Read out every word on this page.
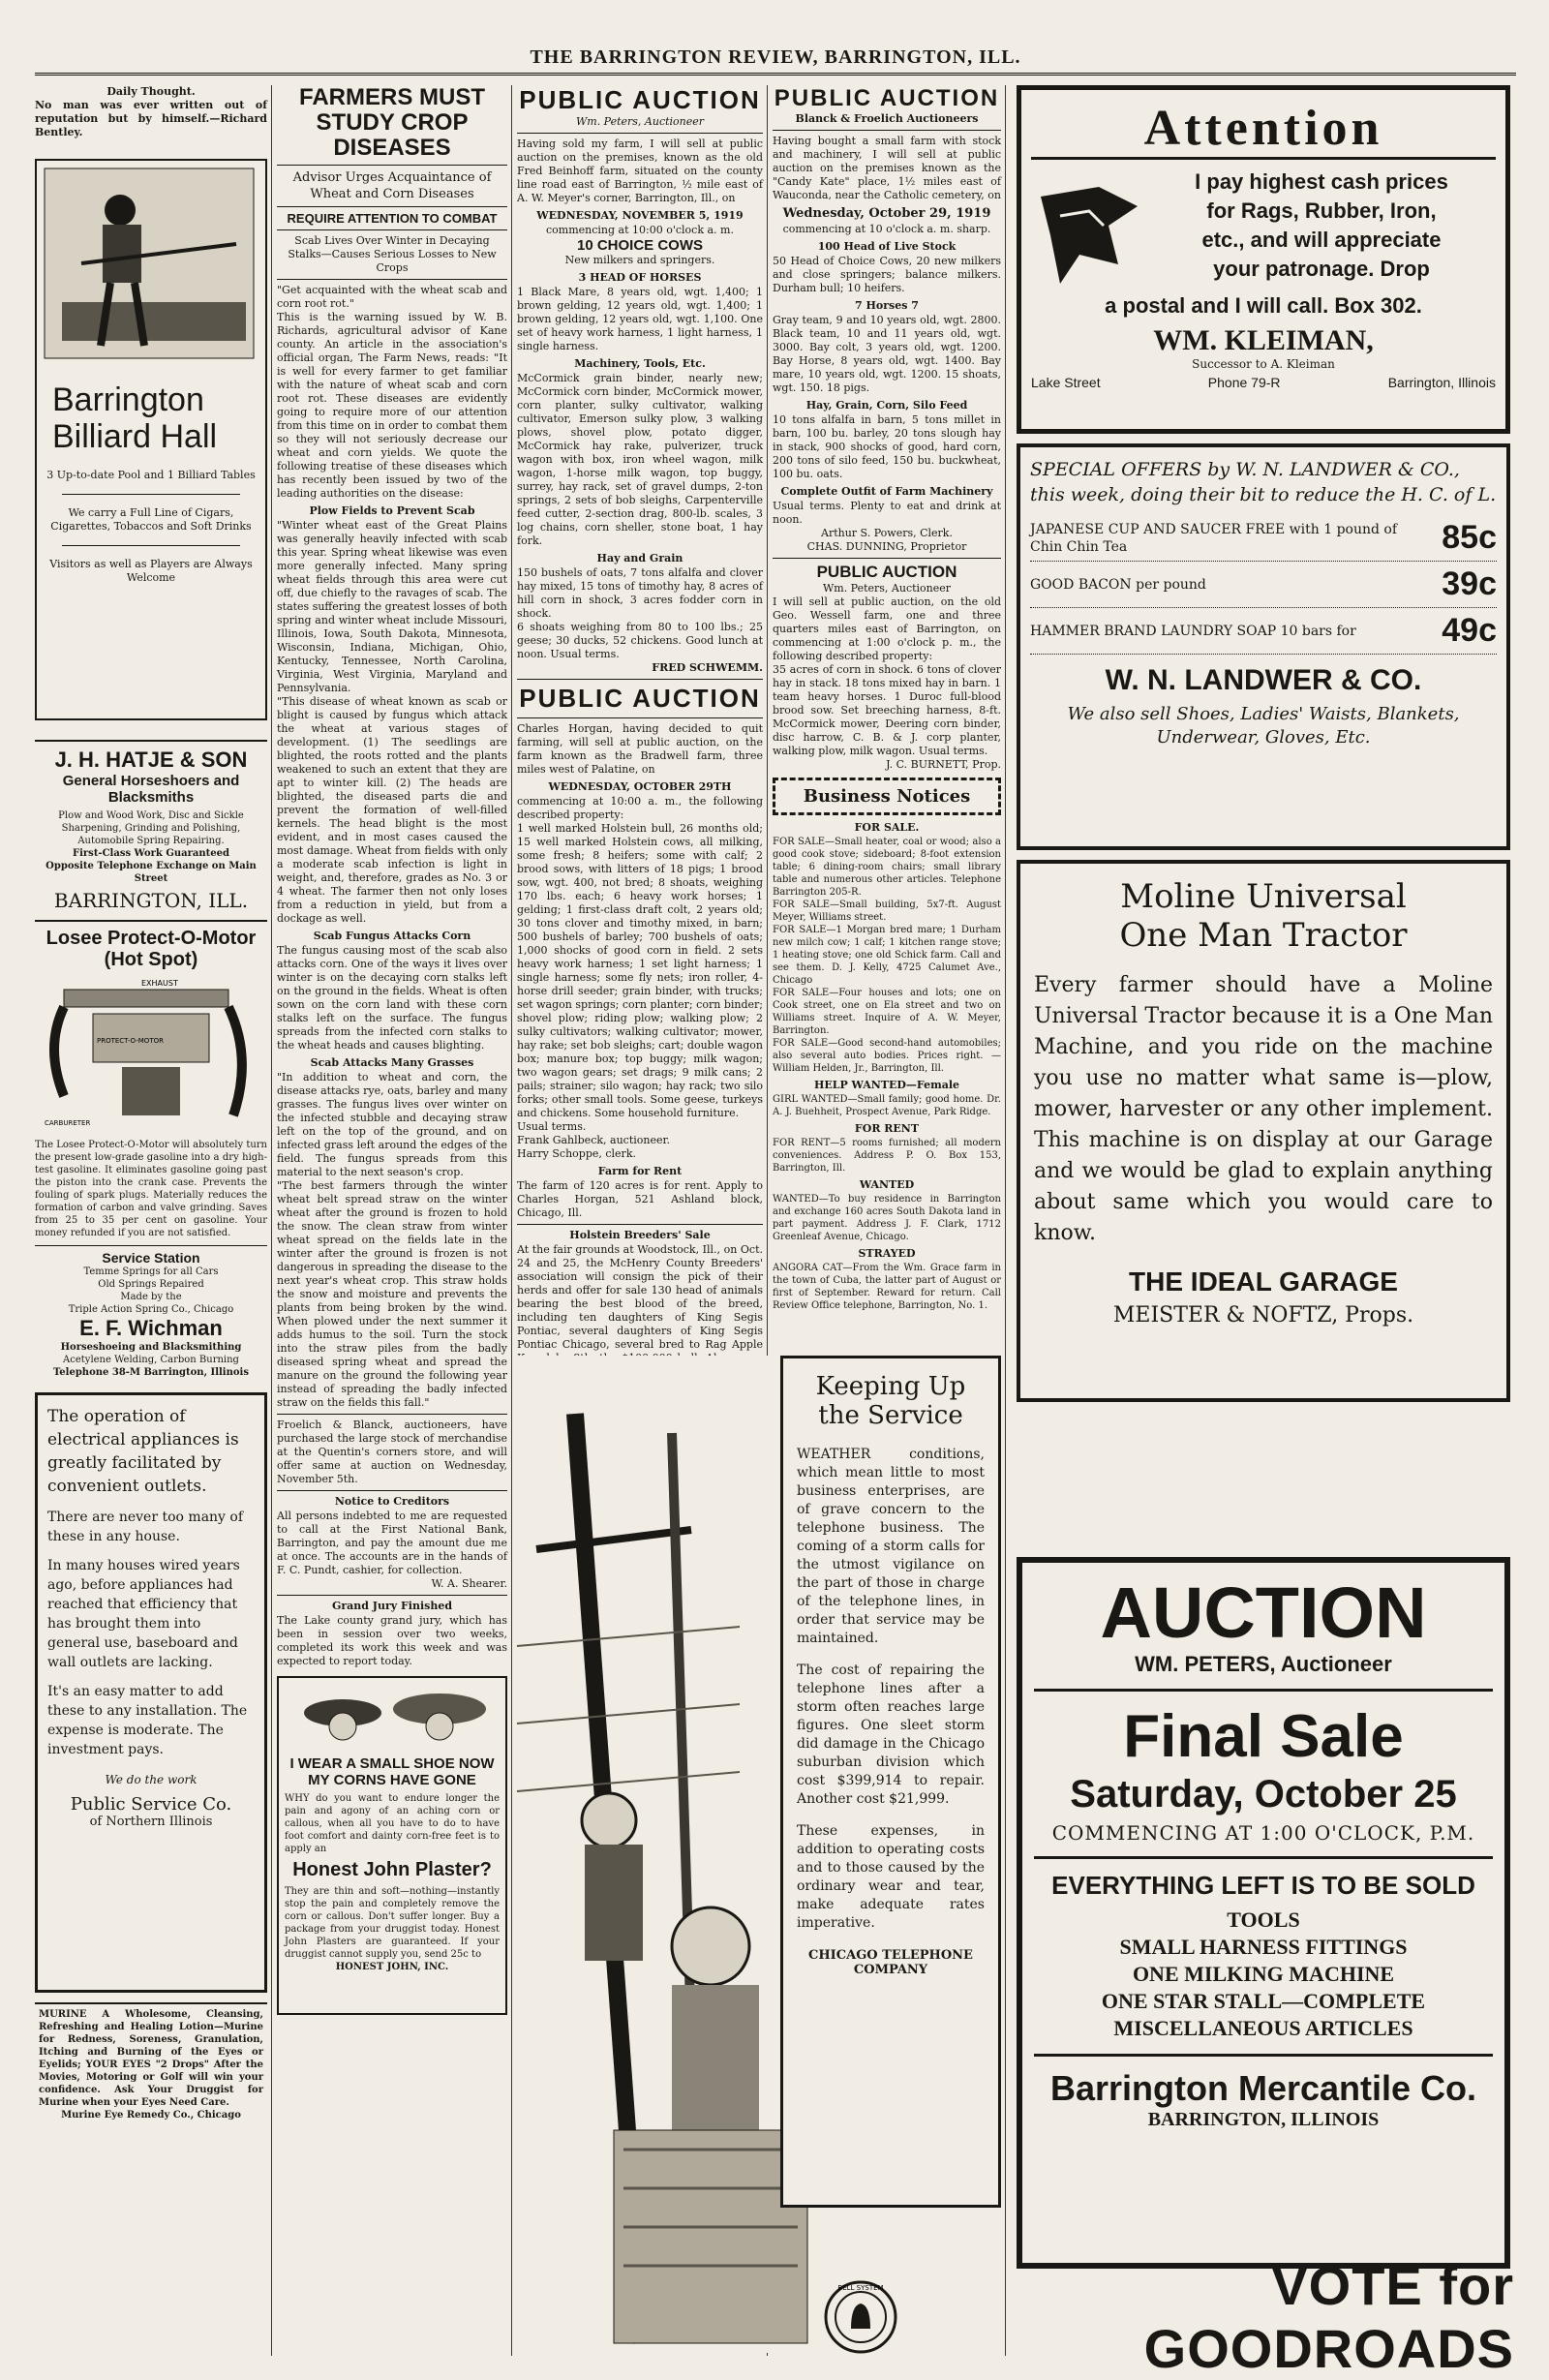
THE BARRINGTON REVIEW, BARRINGTON, ILL.
Daily Thought.
No man was ever written out of reputation but by himself.—Richard Bentley.
Barrington Billiard Hall
3 Up-to-date Pool and 1 Billiard Tables
We carry a Full Line of Cigars, Cigarettes, Tobaccos and Soft Drinks
Visitors as well as Players are Always Welcome
J. H. HATJE & SON
General Horseshoers and Blacksmiths
Plow and Wood Work, Disc and Sickle Sharpening, Grinding and Polishing, Automobile Spring Repairing.
First-Class Work Guaranteed
Opposite Telephone Exchange on Main Street
BARRINGTON, ILL.
Losee Protect-O-Motor (Hot Spot)
EXHAUST
PROTECT-O-MOTOR
CARBURETER
The Losee Protect-O-Motor will absolutely turn the present low-grade gasoline into a dry high-test gasoline. It eliminates gasoline going past the piston into the crank case. Prevents the fouling of spark plugs. Materially reduces the formation of carbon and valve grinding. Saves from 25 to 35 per cent on gasoline. Your money refunded if you are not satisfied.
Service Station
Temme Springs for all Cars
Old Springs Repaired
Made by the
Triple Action Spring Co., Chicago
E. F. Wichman
Horseshoeing and Blacksmithing
Acetylene Welding, Carbon Burning
Telephone 38-M Barrington, Illinois
The operation of electrical appliances is greatly facilitated by convenient outlets.
There are never too many of these in any house.
In many houses wired years ago, before appliances had reached that efficiency that has brought them into general use, baseboard and wall outlets are lacking.
It's an easy matter to add these to any installation. The expense is moderate. The investment pays.
We do the work
Public Service Co.
of Northern Illinois
MURINE A Wholesome, Cleansing, Refreshing and Healing Lotion—Murine for Redness, Soreness, Granulation, Itching and Burning of the Eyes or Eyelids; YOUR EYES "2 Drops" After the Movies, Motoring or Golf will win your confidence. Ask Your Druggist for Murine when your Eyes Need Care.
Murine Eye Remedy Co., Chicago
FARMERS MUST STUDY CROP DISEASES
Advisor Urges Acquaintance of Wheat and Corn Diseases
REQUIRE ATTENTION TO COMBAT
Scab Lives Over Winter in Decaying Stalks—Causes Serious Losses to New Crops
"Get acquainted with the wheat scab and corn root rot."
This is the warning issued by W. B. Richards, agricultural advisor of Kane county. An article in the association's official organ, The Farm News, reads: "It is well for every farmer to get familiar with the nature of wheat scab and corn root rot. These diseases are evidently going to require more of our attention from this time on in order to combat them so they will not seriously decrease our wheat and corn yields. We quote the following treatise of these diseases which has recently been issued by two of the leading authorities on the disease:
Plow Fields to Prevent Scab
"Winter wheat east of the Great Plains was generally heavily infected with scab this year. Spring wheat likewise was even more generally infected. Many spring wheat fields through this area were cut off, due chiefly to the ravages of scab. The states suffering the greatest losses of both spring and winter wheat include Missouri, Illinois, Iowa, South Dakota, Minnesota, Wisconsin, Indiana, Michigan, Ohio, Kentucky, Tennessee, North Carolina, Virginia, West Virginia, Maryland and Pennsylvania.
"This disease of wheat known as scab or blight is caused by fungus which attack the wheat at various stages of development. (1) The seedlings are blighted, the roots rotted and the plants weakened to such an extent that they are apt to winter kill. (2) The heads are blighted, the diseased parts die and prevent the formation of well-filled kernels. The head blight is the most evident, and in most cases caused the most damage. Wheat from fields with only a moderate scab infection is light in weight, and, therefore, grades as No. 3 or 4 wheat. The farmer then not only loses from a reduction in yield, but from a dockage as well.
Scab Fungus Attacks Corn
The fungus causing most of the scab also attacks corn. One of the ways it lives over winter is on the decaying corn stalks left on the ground in the fields. Wheat is often sown on the corn land with these corn stalks left on the surface. The fungus spreads from the infected corn stalks to the wheat heads and causes blighting.
Scab Attacks Many Grasses
"In addition to wheat and corn, the disease attacks rye, oats, barley and many grasses. The fungus lives over winter on the infected stubble and decaying straw left on the top of the ground, and on infected grass left around the edges of the field. The fungus spreads from this material to the next season's crop.
"The best farmers through the winter wheat belt spread straw on the winter wheat after the ground is frozen to hold the snow. The clean straw from winter wheat spread on the fields late in the winter after the ground is frozen is not dangerous in spreading the disease to the next year's wheat crop. This straw holds the snow and moisture and prevents the plants from being broken by the wind. When plowed under the next summer it adds humus to the soil. Turn the stock into the straw piles from the badly diseased spring wheat and spread the manure on the ground the following year instead of spreading the badly infected straw on the fields this fall."
Froelich & Blanck, auctioneers, have purchased the large stock of merchandise at the Quentin's corners store, and will offer same at auction on Wednesday, November 5th.
Notice to Creditors
All persons indebted to me are requested to call at the First National Bank, Barrington, and pay the amount due me at once. The accounts are in the hands of F. C. Pundt, cashier, for collection.
W. A. Shearer.
Grand Jury Finished
The Lake county grand jury, which has been in session over two weeks, completed its work this week and was expected to report today.
I WEAR A SMALL SHOE NOW MY CORNS HAVE GONE
WHY do you want to endure longer the pain and agony of an aching corn or callous, when all you have to do to have foot comfort and dainty corn-free feet is to apply an
Honest John Plaster?
They are thin and soft—nothing—instantly stop the pain and completely remove the corn or callous. Don't suffer longer. Buy a package from your druggist today. Honest John Plasters are guaranteed. If your druggist cannot supply you, send 25c to
HONEST JOHN, INC.
PUBLIC AUCTION
Wm. Peters, Auctioneer
Having sold my farm, I will sell at public auction on the premises, known as the old Fred Beinhoff farm, situated on the county line road east of Barrington, ½ mile east of A. W. Meyer's corner, Barrington, Ill., on
WEDNESDAY, NOVEMBER 5, 1919
commencing at 10:00 o'clock a. m.
10 CHOICE COWS
New milkers and springers.
3 HEAD OF HORSES
1 Black Mare, 8 years old, wgt. 1,400; 1 brown gelding, 12 years old, wgt. 1,400; 1 brown gelding, 12 years old, wgt. 1,100. One set of heavy work harness, 1 light harness, 1 single harness.
Machinery, Tools, Etc.
McCormick grain binder, nearly new; McCormick corn binder, McCormick mower, corn planter, sulky cultivator, walking cultivator, Emerson sulky plow, 3 walking plows, shovel plow, potato digger, McCormick hay rake, pulverizer, truck wagon with box, iron wheel wagon, milk wagon, 1-horse milk wagon, top buggy, surrey, hay rack, set of gravel dumps, 2-ton springs, 2 sets of bob sleighs, Carpenterville feed cutter, 2-section drag, 800-lb. scales, 3 log chains, corn sheller, stone boat, 1 hay fork.
Hay and Grain
150 bushels of oats, 7 tons alfalfa and clover hay mixed, 15 tons of timothy hay, 8 acres of hill corn in shock, 3 acres fodder corn in shock.
6 shoats weighing from 80 to 100 lbs.; 25 geese; 30 ducks, 52 chickens. Good lunch at noon. Usual terms.
FRED SCHWEMM.
PUBLIC AUCTION
Charles Horgan, having decided to quit farming, will sell at public auction, on the farm known as the Bradwell farm, three miles west of Palatine, on
WEDNESDAY, OCTOBER 29TH
commencing at 10:00 a. m., the following described property:
1 well marked Holstein bull, 26 months old; 15 well marked Holstein cows, all milking, some fresh; 8 heifers; some with calf; 2 brood sows, with litters of 18 pigs; 1 brood sow, wgt. 400, not bred; 8 shoats, weighing 170 lbs. each; 6 heavy work horses; 1 gelding; 1 first-class draft colt, 2 years old; 30 tons clover and timothy mixed, in barn; 500 bushels of barley; 700 bushels of oats; 1,000 shocks of good corn in field. 2 sets heavy work harness; 1 set light harness; 1 single harness; some fly nets; iron roller, 4-horse drill seeder; grain binder, with trucks; set wagon springs; corn planter; corn binder; shovel plow; riding plow; walking plow; 2 sulky cultivators; walking cultivator; mower, hay rake; set bob sleighs; cart; double wagon box; manure box; top buggy; milk wagon; two wagon gears; set drags; 9 milk cans; 2 pails; strainer; silo wagon; hay rack; two silo forks; other small tools. Some geese, turkeys and chickens. Some household furniture.
Usual terms.
Frank Gahlbeck, auctioneer.
Harry Schoppe, clerk.
Farm for Rent
The farm of 120 acres is for rent. Apply to Charles Horgan, 521 Ashland block, Chicago, Ill.
Holstein Breeders' Sale
At the fair grounds at Woodstock, Ill., on Oct. 24 and 25, the McHenry County Breeders' association will consign the pick of their herds and offer for sale 130 head of animals bearing the best blood of the breed, including ten daughters of King Segis Pontiac, several daughters of King Segis Pontiac Chicago, several bred to Rag Apple
PUBLIC AUCTION
Blanck & Froelich Auctioneers
Having bought a small farm with stock and machinery, I will sell at public auction on the premises known as the "Candy Kate" place, 1½ miles east of Wauconda, near the Catholic cemetery, on
Wednesday, October 29, 1919
commencing at 10 o'clock a. m. sharp.
100 Head of Live Stock
50 Head of Choice Cows, 20 new milkers and close springers; balance milkers. Durham bull; 10 heifers.
7 Horses 7
Gray team, 9 and 10 years old, wgt. 2800. Black team, 10 and 11 years old, wgt. 3000. Bay colt, 3 years old, wgt. 1200. Bay Horse, 8 years old, wgt. 1400. Bay mare, 10 years old, wgt. 1200. 15 shoats, wgt. 150. 18 pigs.
Hay, Grain, Corn, Silo Feed
10 tons alfalfa in barn, 5 tons millet in barn, 100 bu. barley, 20 tons slough hay in stack, 900 shocks of good, hard corn, 200 tons of silo feed, 150 bu. buckwheat, 100 bu. oats.
Complete Outfit of Farm Machinery
Usual terms. Plenty to eat and drink at noon.
Arthur S. Powers, Clerk.
CHAS. DUNNING, Proprietor
PUBLIC AUCTION
Wm. Peters, Auctioneer
I will sell at public auction, on the old Geo. Wessell farm, one and three quarters miles east of Barrington, on commencing at 1:00 o'clock p. m., the following described property:
35 acres of corn in shock. 6 tons of clover hay in stack. 18 tons mixed hay in barn. 1 team heavy horses. 1 Duroc full-blood brood sow. Set breeching harness, 8-ft. McCormick mower, Deering corn binder, disc harrow, C. B. & J. corp planter, walking plow, milk wagon. Usual terms.
J. C. BURNETT, Prop.
Business Notices
FOR SALE.
FOR SALE—Small heater, coal or wood; also a good cook stove; sideboard; 8-foot extension table; 6 dining-room chairs; small library table and numerous other articles. Telephone Barrington 205-R.
FOR SALE—Small building, 5x7-ft. August Meyer, Williams street.
FOR SALE—1 Morgan bred mare; 1 Durham new milch cow; 1 calf; 1 kitchen range stove; 1 heating stove; one old Schick farm. Call and see them. D. J. Kelly, 4725 Calumet Ave., Chicago
FOR SALE—Four houses and lots; one on Cook street, one on Ela street and two on Williams street. Inquire of A. W. Meyer, Barrington.
FOR SALE—Good second-hand automobiles; also several auto bodies. Prices right. —William Helden, Jr., Barrington, Ill.
HELP WANTED—Female
GIRL WANTED—Small family; good home. Dr. A. J. Buehheit, Prospect Avenue, Park Ridge.
FOR RENT
FOR RENT—5 rooms furnished; all modern conveniences. Address P. O. Box 153, Barrington, Ill.
WANTED
WANTED—To buy residence in Barrington and exchange 160 acres South Dakota land in part payment. Address J. F. Clark, 1712 Greenleaf Avenue, Chicago.
STRAYED
ANGORA CAT—From the Wm. Grace farm in the town of Cuba, the latter part of August or first of September. Reward for return. Call Review Office telephone, Barrington, No. 1.
Keeping Up the Service
WEATHER conditions, which mean little to most business enterprises, are of grave concern to the telephone business. The coming of a storm calls for the utmost vigilance on the part of those in charge of the telephone lines, in order that service may be maintained.
The cost of repairing the telephone lines after a storm often reaches large figures. One sleet storm did damage in the Chicago suburban division which cost $399,914 to repair. Another cost $21,999.
These expenses, in addition to operating costs and to those caused by the ordinary wear and tear, make adequate rates imperative.
CHICAGO TELEPHONE COMPANY
Attention
I pay highest cash prices
for Rags, Rubber, Iron,
etc., and will appreciate
your patronage. Drop
a postal and I will call. Box 302.
WM. KLEIMAN,
Successor to A. Kleiman
Lake Street	Phone 79-R	Barrington, Illinois
SPECIAL OFFERS by W. N. LANDWER & CO., this week, doing their bit to reduce the H. C. of L.
JAPANESE CUP AND SAUCER FREE with 1 pound of Chin Chin Tea	85c
GOOD BACON per pound	39c
HAMMER BRAND LAUNDRY SOAP 10 bars for	49c
W. N. LANDWER & CO.
We also sell Shoes, Ladies' Waists, Blankets, Underwear, Gloves, Etc.
Moline Universal
One Man Tractor
Every farmer should have a Moline Universal Tractor because it is a One Man Machine, and you ride on the machine you use no matter what same is—plow, mower, harvester or any other implement. This machine is on display at our Garage and we would be glad to explain anything about same which you would care to know.
THE IDEAL GARAGE
MEISTER & NOFTZ, Props.
AUCTION
WM. PETERS, Auctioneer
Final Sale
Saturday, October 25
COMMENCING AT 1:00 O'CLOCK, P.M.
EVERYTHING LEFT IS TO BE SOLD
TOOLS
SMALL HARNESS FITTINGS
ONE MILKING MACHINE
ONE STAR STALL—COMPLETE
MISCELLANEOUS ARTICLES
Barrington Mercantile Co.
BARRINGTON, ILLINOIS
BELL SYSTEM	VOTE for GOODROADS
